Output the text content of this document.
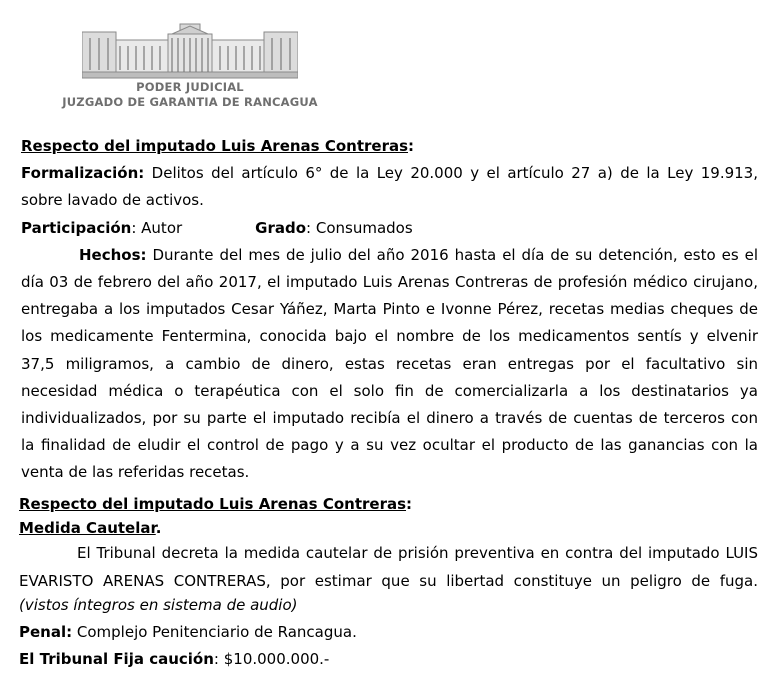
PODER JUDICIAL
JUZGADO DE GARANTIA DE RANCAGUA
Respecto del imputado Luis Arenas Contreras:
Formalización: Delitos del artículo 6° de la Ley 20.000 y el artículo 27 a) de la Ley 19.913,
sobre lavado de activos.
Participación: Autor	Grado: Consumados
Hechos: Durante del mes de julio del año 2016 hasta el día de su detención, esto es el
día 03 de febrero del año 2017, el imputado Luis Arenas Contreras de profesión médico cirujano,
entregaba a los imputados Cesar Yáñez, Marta Pinto e Ivonne Pérez, recetas medias cheques de
los medicamente Fentermina, conocida bajo el nombre de los medicamentos sentís y elvenir
37,5 miligramos, a cambio de dinero, estas recetas eran entregas por el facultativo sin
necesidad médica o terapéutica con el solo fin de comercializarla a los destinatarios ya
individualizados, por su parte el imputado recibía el dinero a través de cuentas de terceros con
la finalidad de eludir el control de pago y a su vez ocultar el producto de las ganancias con la
venta de las referidas recetas.
Respecto del imputado Luis Arenas Contreras:
Medida Cautelar.
El Tribunal decreta la medida cautelar de prisión preventiva en contra del imputado LUIS
EVARISTO ARENAS CONTRERAS, por estimar que su libertad constituye un peligro de fuga.
(vistos íntegros en sistema de audio)
Penal: Complejo Penitenciario de Rancagua.
El Tribunal Fija caución: $10.000.000.-
